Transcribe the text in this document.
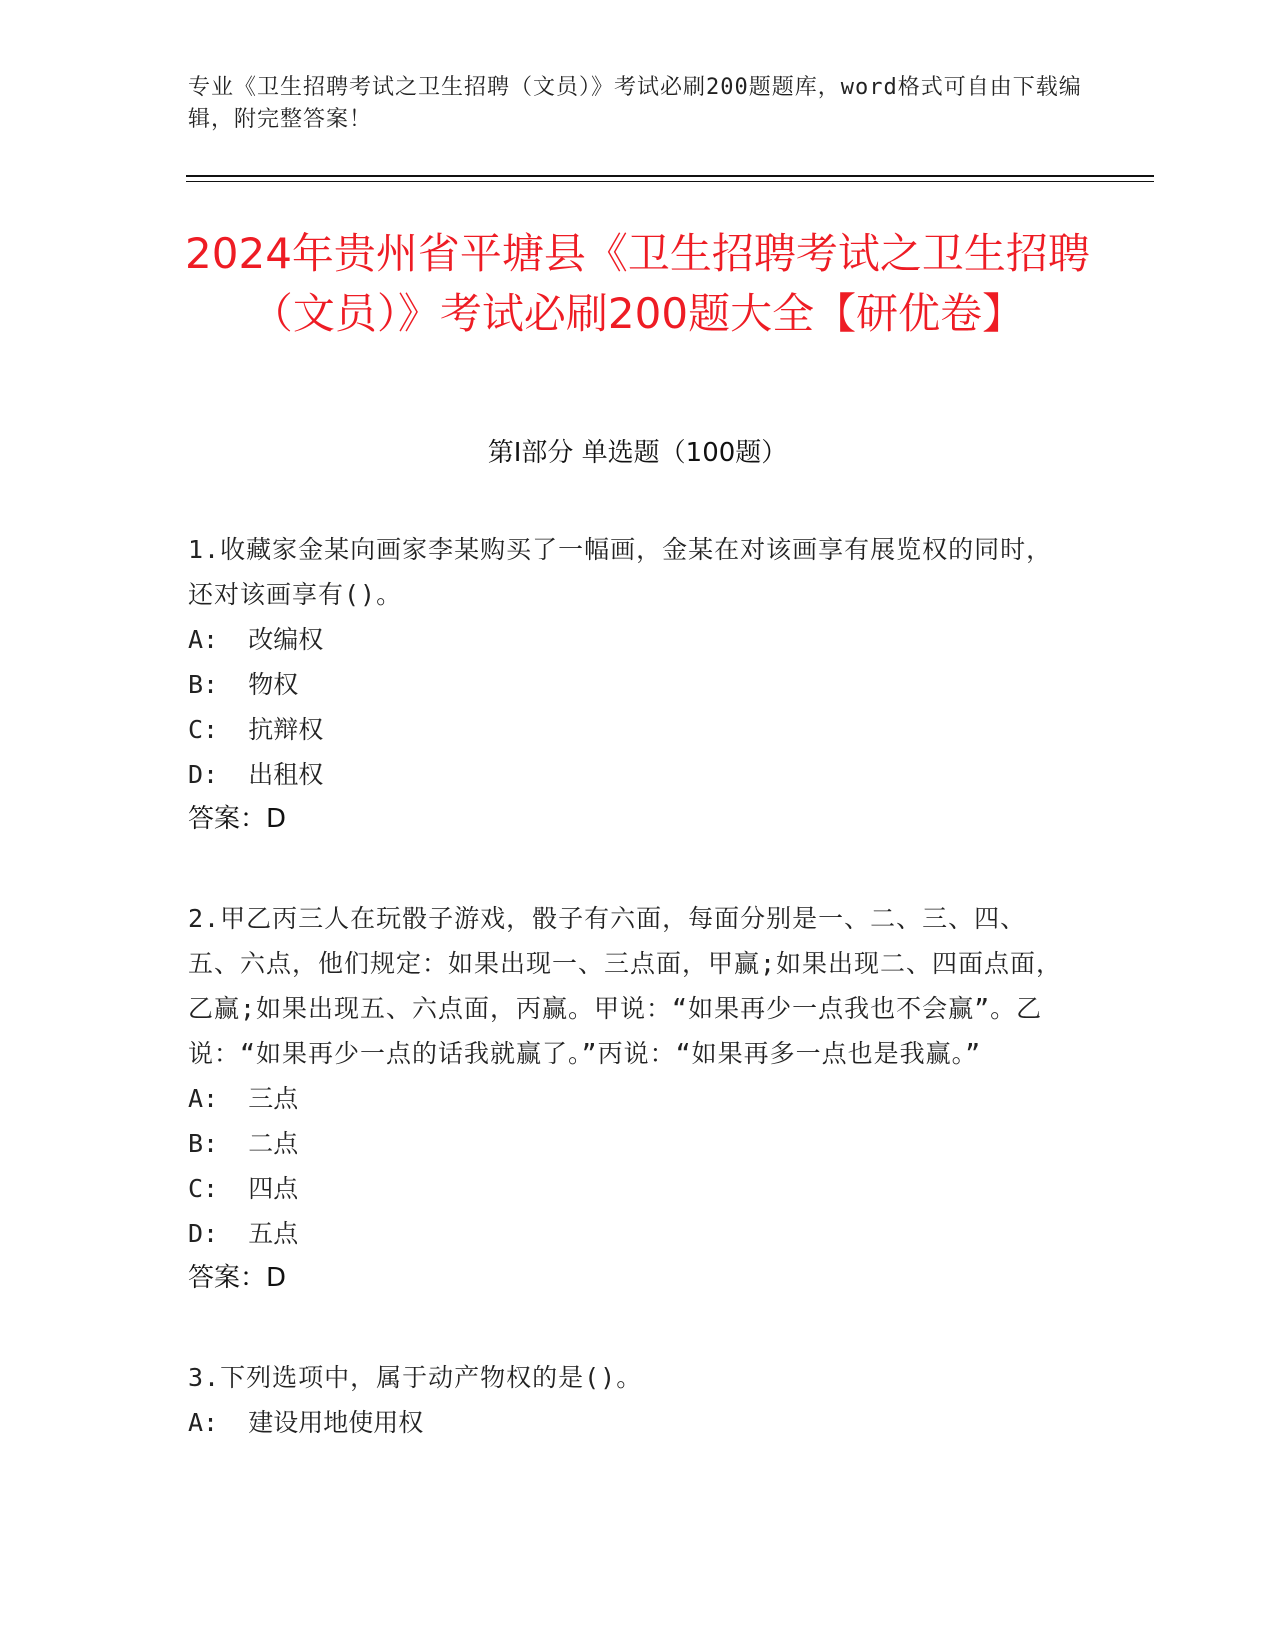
专业《卫生招聘考试之卫生招聘（文员）》考试必刷200题题库，word格式可自由下载编辑，附完整答案！
2024年贵州省平塘县《卫生招聘考试之卫生招聘（文员）》考试必刷200题大全【研优卷】
第Ⅰ部分 单选题（100题）
1.收藏家金某向画家李某购买了一幅画，金某在对该画享有展览权的同时，还对该画享有()。
A:  改编权
B:  物权
C:  抗辩权
D:  出租权
答案：D
2.甲乙丙三人在玩骰子游戏，骰子有六面，每面分别是一、二、三、四、五、六点，他们规定：如果出现一、三点面，甲赢;如果出现二、四面点面，乙赢;如果出现五、六点面，丙赢。甲说：“如果再少一点我也不会赢”。乙说：“如果再少一点的话我就赢了。”丙说：“如果再多一点也是我赢。”
A:  三点
B:  二点
C:  四点
D:  五点
答案：D
3.下列选项中，属于动产物权的是()。
A:  建设用地使用权
